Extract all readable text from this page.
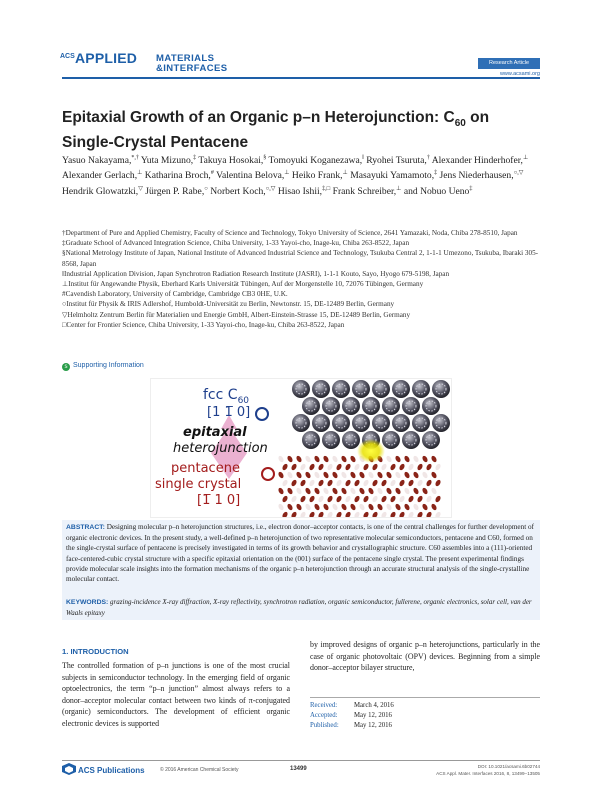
ACS APPLIED MATERIALS
&INTERFACES	Research Article
www.acsami.org
Epitaxial Growth of an Organic p–n Heterojunction: $C_{60}$ on Single-Crystal Pentacene
Yasuo Nakayama,*,† Yuta Mizuno,‡ Takuya Hosokai,§ Tomoyuki Koganezawa,‖ Ryohei Tsuruta,† Alexander Hinderhofer,⊥ Alexander Gerlach,⊥ Katharina Broch,# Valentina Belova,⊥ Heiko Frank,⊥ Masayuki Yamamoto,‡ Jens Niederhausen,○,▽ Hendrik Glowatzki,▽ Jürgen P. Rabe,○ Norbert Koch,○,▽ Hisao Ishii,‡,□ Frank Schreiber,⊥ and Nobuo Ueno‡

†Department of Pure and Applied Chemistry, Faculty of Science and Technology, Tokyo University of Science, 2641 Yamazaki, Noda, Chiba 278-8510, Japan

‡Graduate School of Advanced Integration Science, Chiba University, 1-33 Yayoi-cho, Inage-ku, Chiba 263-8522, Japan

§National Metrology Institute of Japan, National Institute of Advanced Industrial Science and Technology, Tsukuba Central 2, 1-1-1 Umezono, Tsukuba, Ibaraki 305-8568, Japan

‖Industrial Application Division, Japan Synchrotron Radiation Research Institute (JASRI), 1-1-1 Kouto, Sayo, Hyogo 679-5198, Japan

⊥Institut für Angewandte Physik, Eberhard Karls Universität Tübingen, Auf der Morgenstelle 10, 72076 Tübingen, Germany

#Cavendish Laboratory, University of Cambridge, Cambridge CB3 0HE, U.K.

○Institut für Physik & IRIS Adlershof, Humboldt-Universität zu Berlin, Newtonstr. 15, DE-12489 Berlin, Germany

▽Helmholtz Zentrum Berlin für Materialien und Energie GmbH, Albert-Einstein-Strasse 15, DE-12489 Berlin, Germany

□Center for Frontier Science, Chiba University, 1-33 Yayoi-cho, Inage-ku, Chiba 263-8522, Japan

s Supporting Information
fcc $C_{60}$
[1 1̅ 0]
epitaxial
heterojunction
pentacene
single crystal
[1̅ 1 0]
ABSTRACT: Designing molecular p–n heterojunction structures, i.e., electron donor–acceptor contacts, is one of the central challenges for further development of organic electronic devices. In the present study, a well-defined p–n heterojunction of two representative molecular semiconductors, pentacene and C60, formed on the single-crystal surface of pentacene is precisely investigated in terms of its growth behavior and crystallographic structure. C60 assembles into a (111)-oriented face-centered-cubic crystal structure with a specific epitaxial orientation on the (001) surface of the pentacene single crystal. The present experimental findings provide molecular scale insights into the formation mechanisms of the organic p–n heterojunction through an accurate structural analysis of the single-crystalline molecular contact.
KEYWORDS: grazing-incidence X-ray diffraction, X-ray reflectivity, synchrotron radiation, organic semiconductor, fullerene, organic electronics, solar cell, van der Waals epitaxy
1. INTRODUCTION
The controlled formation of p–n junctions is one of the most crucial subjects in semiconductor technology. In the emerging field of organic optoelectronics, the term “p–n junction” almost always refers to a donor–acceptor molecular contact between two kinds of π-conjugated (organic) semiconductors. The development of efficient organic electronic devices is supported
by improved designs of organic p–n heterojunctions, particularly in the case of organic photovoltaic (OPV) devices. Beginning from a simple donor–acceptor bilayer structure,
Received: March 4, 2016
Accepted: May 12, 2016
Published: May 12, 2016
ACS Publications	© 2016 American Chemical Society	13499	DOI: 10.1021/acsami.6b02744
ACS Appl. Mater. Interfaces 2016, 8, 13499−13505
